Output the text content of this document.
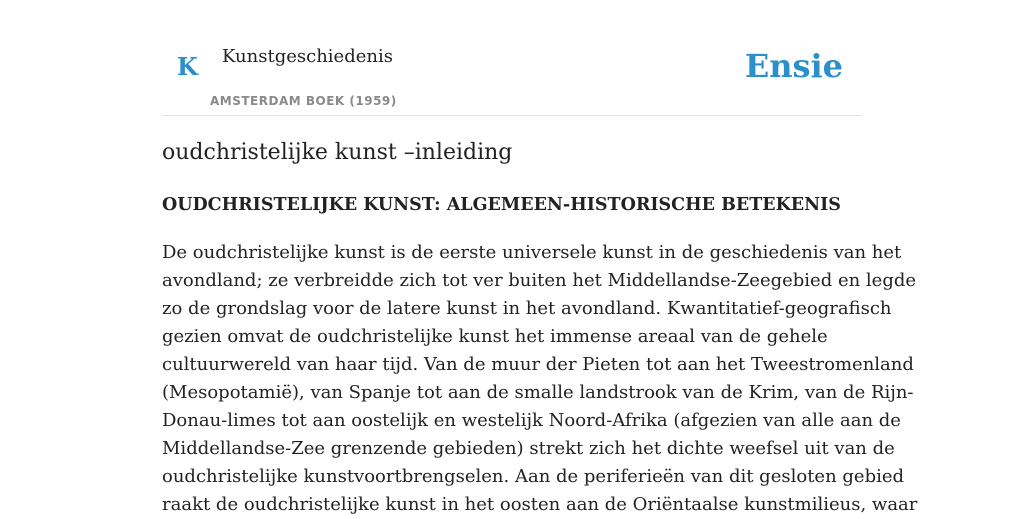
K Kunstgeschiedenis
AMSTERDAM BOEK (1959)
Ensie
oudchristelijke kunst –inleiding
OUDCHRISTELIJKE KUNST: ALGEMEEN-HISTORISCHE BETEKENIS

De oudchristelijke kunst is de eerste universele kunst in de geschiedenis van het
avondland; ze verbreidde zich tot ver buiten het Middellandse-Zeegebied en legde
zo de grondslag voor de latere kunst in het avondland. Kwantitatief-geografisch
gezien omvat de oudchristelijke kunst het immense areaal van de gehele
cultuurwereld van haar tijd. Van de muur der Pieten tot aan het Tweestromenland
(Mesopotamië), van Spanje tot aan de smalle landstrook van de Krim, van de Rijn-
Donau-limes tot aan oostelijk en westelijk Noord-Afrika (afgezien van alle aan de
Middellandse-Zee grenzende gebieden) strekt zich het dichte weefsel uit van de
oudchristelijke kunstvoortbrengselen. Aan de periferieën van dit gesloten gebied
raakt de oudchristelijke kunst in het oosten aan de Oriëntaalse kunstmilieus, waar
